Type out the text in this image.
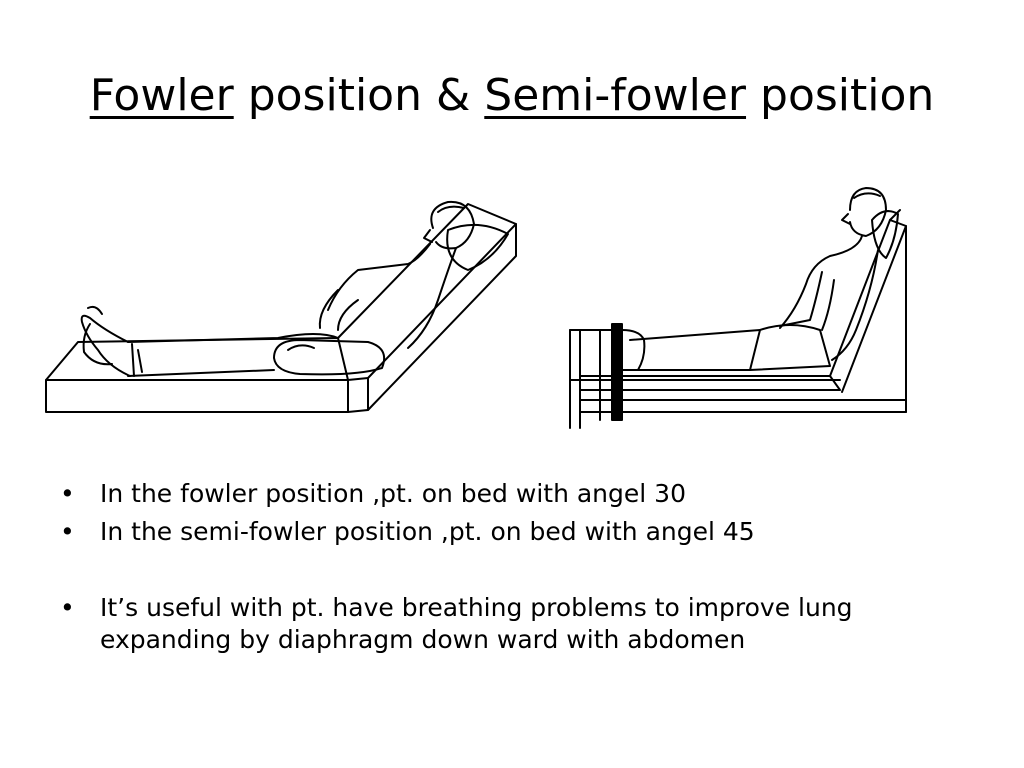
Fowler position & Semi-fowler position
• In the fowler position ,pt. on bed with angel 30
• In the semi-fowler position ,pt. on bed with angel 45
• It’s useful with pt. have breathing problems to improve lung expanding by diaphragm down ward with abdomen
